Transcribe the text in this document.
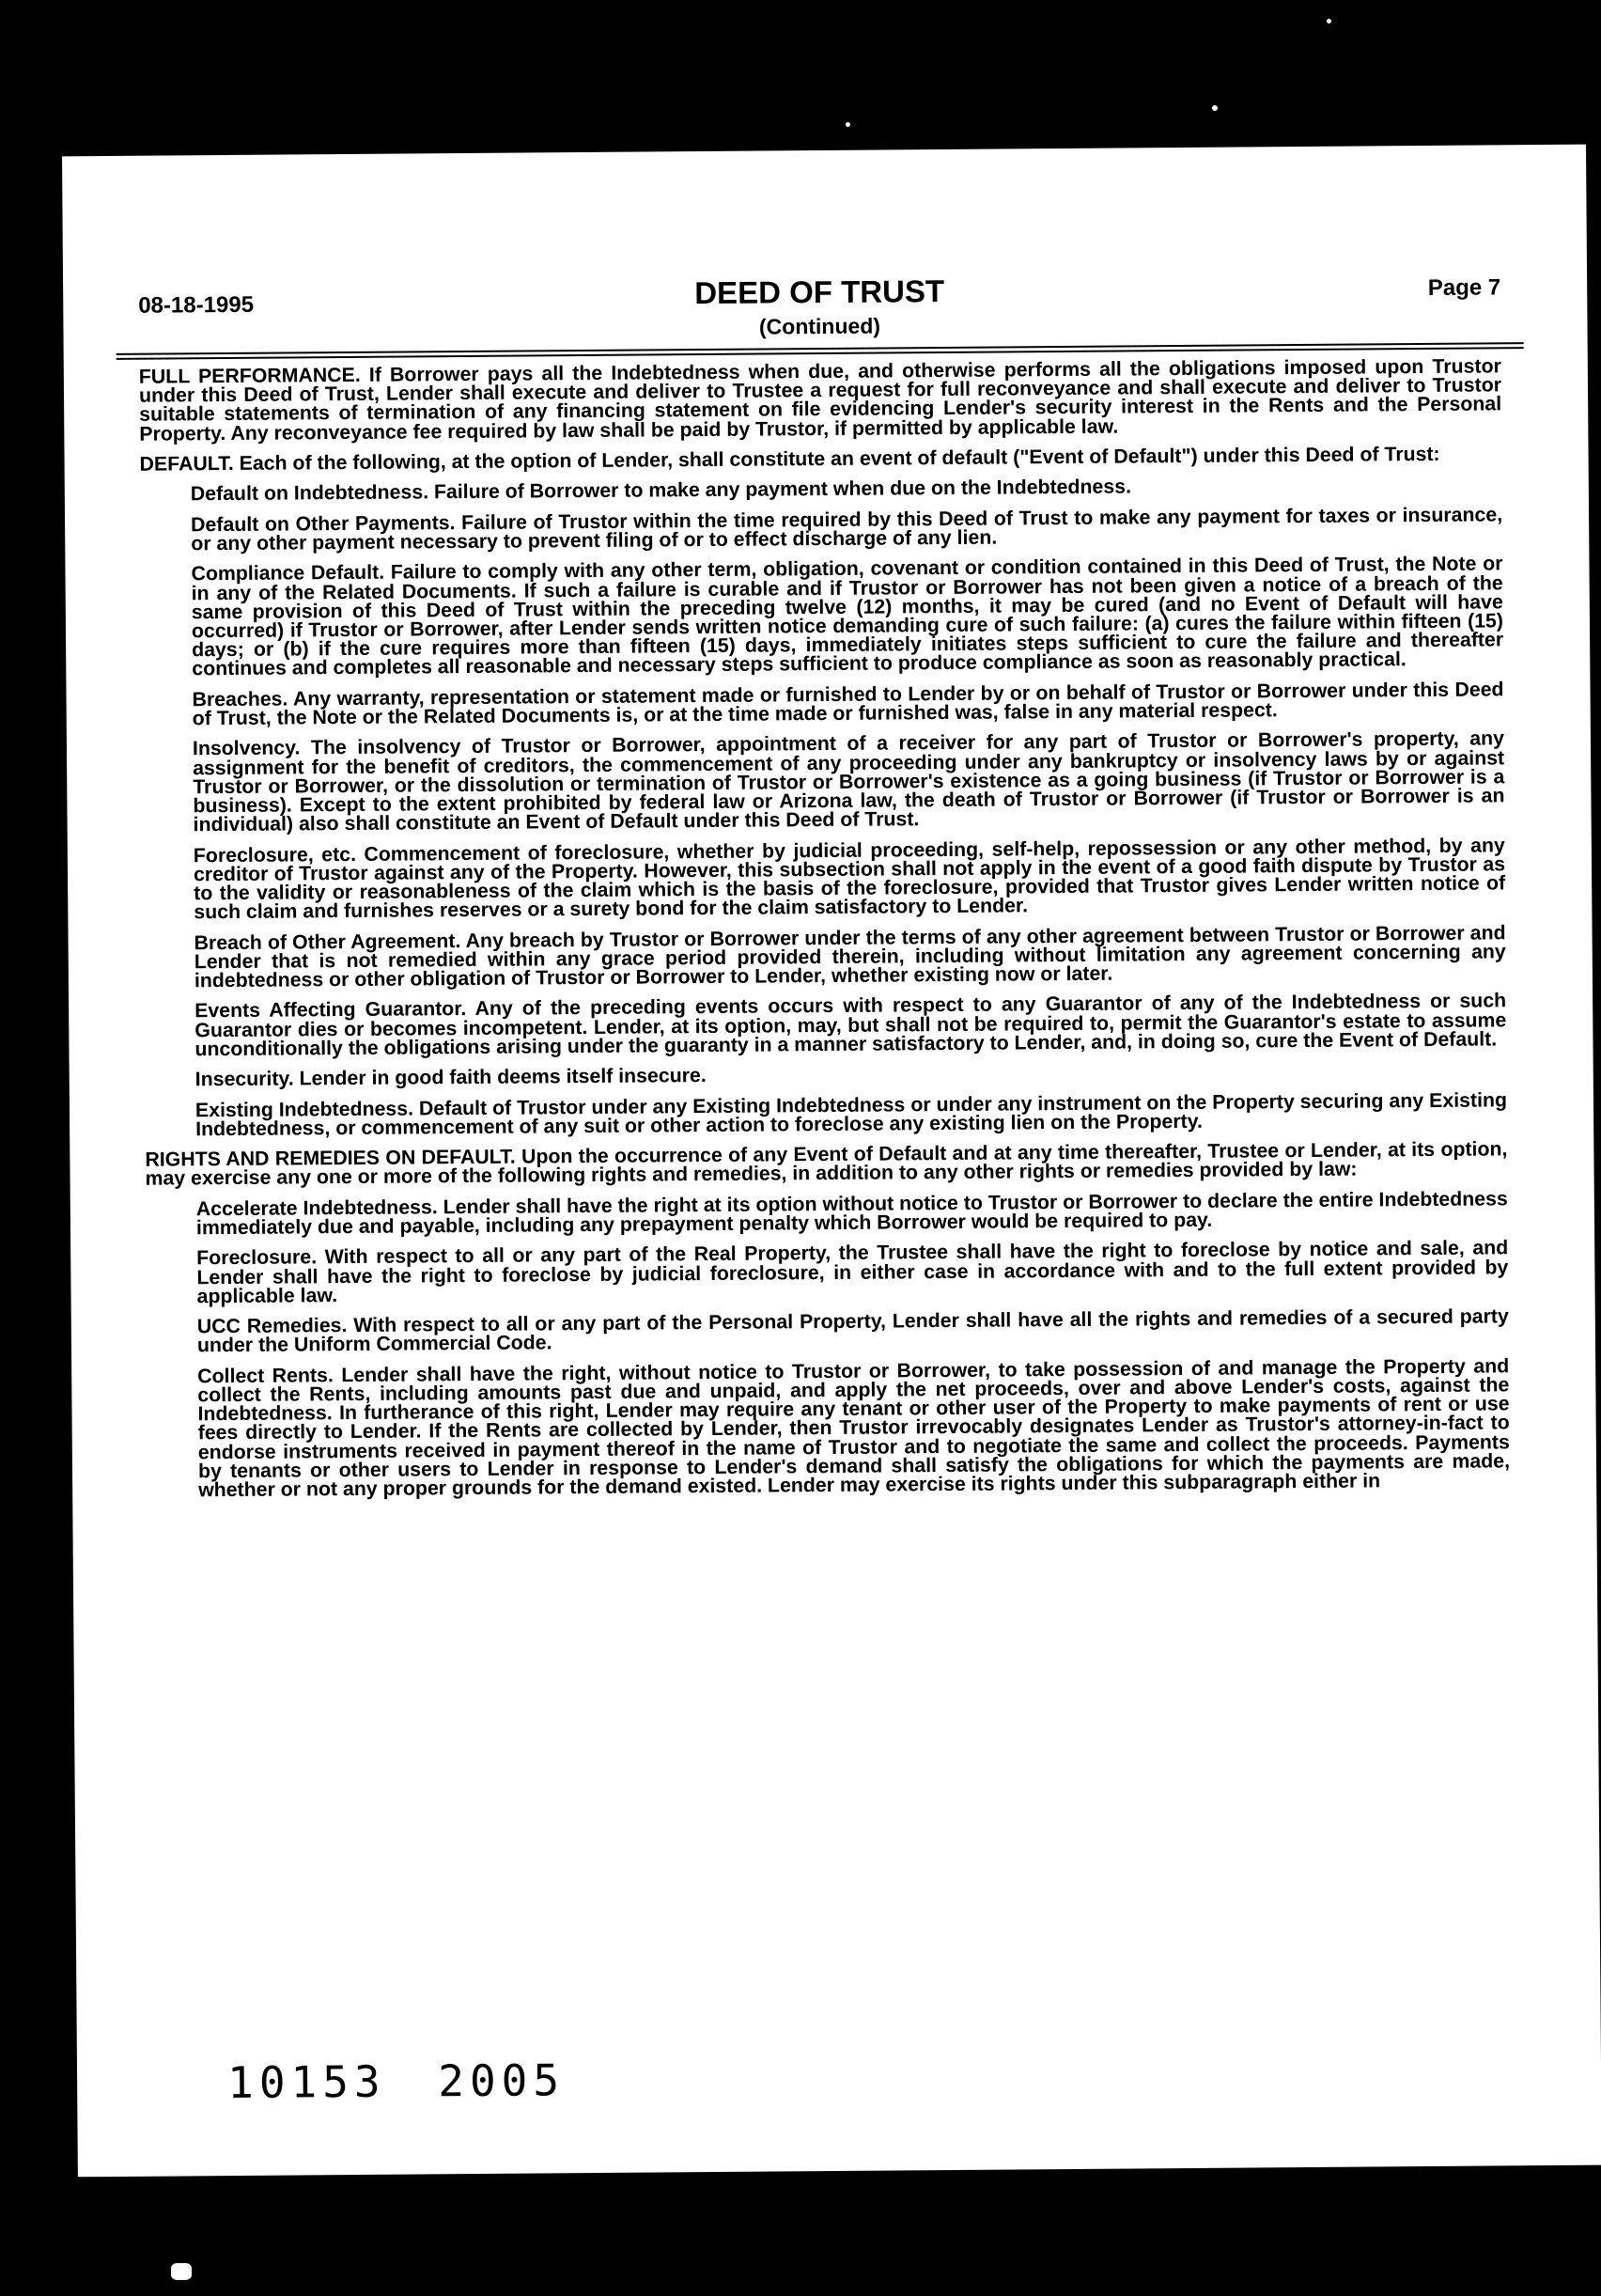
08-18-1995	DEED OF TRUST
(Continued)
Page 7

FULL PERFORMANCE. If Borrower pays all the Indebtedness when due, and otherwise performs all the obligations imposed upon Trustor under this Deed of Trust, Lender shall execute and deliver to Trustee a request for full reconveyance and shall execute and deliver to Trustor suitable statements of termination of any financing statement on file evidencing Lender's security interest in the Rents and the Personal Property. Any reconveyance fee required by law shall be paid by Trustor, if permitted by applicable law.

DEFAULT. Each of the following, at the option of Lender, shall constitute an event of default ("Event of Default") under this Deed of Trust:

Default on Indebtedness. Failure of Borrower to make any payment when due on the Indebtedness.

Default on Other Payments. Failure of Trustor within the time required by this Deed of Trust to make any payment for taxes or insurance, or any other payment necessary to prevent filing of or to effect discharge of any lien.

Compliance Default. Failure to comply with any other term, obligation, covenant or condition contained in this Deed of Trust, the Note or in any of the Related Documents. If such a failure is curable and if Trustor or Borrower has not been given a notice of a breach of the same provision of this Deed of Trust within the preceding twelve (12) months, it may be cured (and no Event of Default will have occurred) if Trustor or Borrower, after Lender sends written notice demanding cure of such failure: (a) cures the failure within fifteen (15) days; or (b) if the cure requires more than fifteen (15) days, immediately initiates steps sufficient to cure the failure and thereafter continues and completes all reasonable and necessary steps sufficient to produce compliance as soon as reasonably practical.

Breaches. Any warranty, representation or statement made or furnished to Lender by or on behalf of Trustor or Borrower under this Deed of Trust, the Note or the Related Documents is, or at the time made or furnished was, false in any material respect.

Insolvency. The insolvency of Trustor or Borrower, appointment of a receiver for any part of Trustor or Borrower's property, any assignment for the benefit of creditors, the commencement of any proceeding under any bankruptcy or insolvency laws by or against Trustor or Borrower, or the dissolution or termination of Trustor or Borrower's existence as a going business (if Trustor or Borrower is a business). Except to the extent prohibited by federal law or Arizona law, the death of Trustor or Borrower (if Trustor or Borrower is an individual) also shall constitute an Event of Default under this Deed of Trust.

Foreclosure, etc. Commencement of foreclosure, whether by judicial proceeding, self-help, repossession or any other method, by any creditor of Trustor against any of the Property. However, this subsection shall not apply in the event of a good faith dispute by Trustor as to the validity or reasonableness of the claim which is the basis of the foreclosure, provided that Trustor gives Lender written notice of such claim and furnishes reserves or a surety bond for the claim satisfactory to Lender.

Breach of Other Agreement. Any breach by Trustor or Borrower under the terms of any other agreement between Trustor or Borrower and Lender that is not remedied within any grace period provided therein, including without limitation any agreement concerning any indebtedness or other obligation of Trustor or Borrower to Lender, whether existing now or later.

Events Affecting Guarantor. Any of the preceding events occurs with respect to any Guarantor of any of the Indebtedness or such Guarantor dies or becomes incompetent. Lender, at its option, may, but shall not be required to, permit the Guarantor's estate to assume unconditionally the obligations arising under the guaranty in a manner satisfactory to Lender, and, in doing so, cure the Event of Default.

Insecurity. Lender in good faith deems itself insecure.

Existing Indebtedness. Default of Trustor under any Existing Indebtedness or under any instrument on the Property securing any Existing Indebtedness, or commencement of any suit or other action to foreclose any existing lien on the Property.

RIGHTS AND REMEDIES ON DEFAULT. Upon the occurrence of any Event of Default and at any time thereafter, Trustee or Lender, at its option, may exercise any one or more of the following rights and remedies, in addition to any other rights or remedies provided by law:

Accelerate Indebtedness. Lender shall have the right at its option without notice to Trustor or Borrower to declare the entire Indebtedness immediately due and payable, including any prepayment penalty which Borrower would be required to pay.

Foreclosure. With respect to all or any part of the Real Property, the Trustee shall have the right to foreclose by notice and sale, and Lender shall have the right to foreclose by judicial foreclosure, in either case in accordance with and to the full extent provided by applicable law.

UCC Remedies. With respect to all or any part of the Personal Property, Lender shall have all the rights and remedies of a secured party under the Uniform Commercial Code.

Collect Rents. Lender shall have the right, without notice to Trustor or Borrower, to take possession of and manage the Property and collect the Rents, including amounts past due and unpaid, and apply the net proceeds, over and above Lender's costs, against the Indebtedness. In furtherance of this right, Lender may require any tenant or other user of the Property to make payments of rent or use fees directly to Lender. If the Rents are collected by Lender, then Trustor irrevocably designates Lender as Trustor's attorney-in-fact to endorse instruments received in payment thereof in the name of Trustor and to negotiate the same and collect the proceeds. Payments by tenants or other users to Lender in response to Lender's demand shall satisfy the obligations for which the payments are made, whether or not any proper grounds for the demand existed. Lender may exercise its rights under this subparagraph either in

10153 2005
